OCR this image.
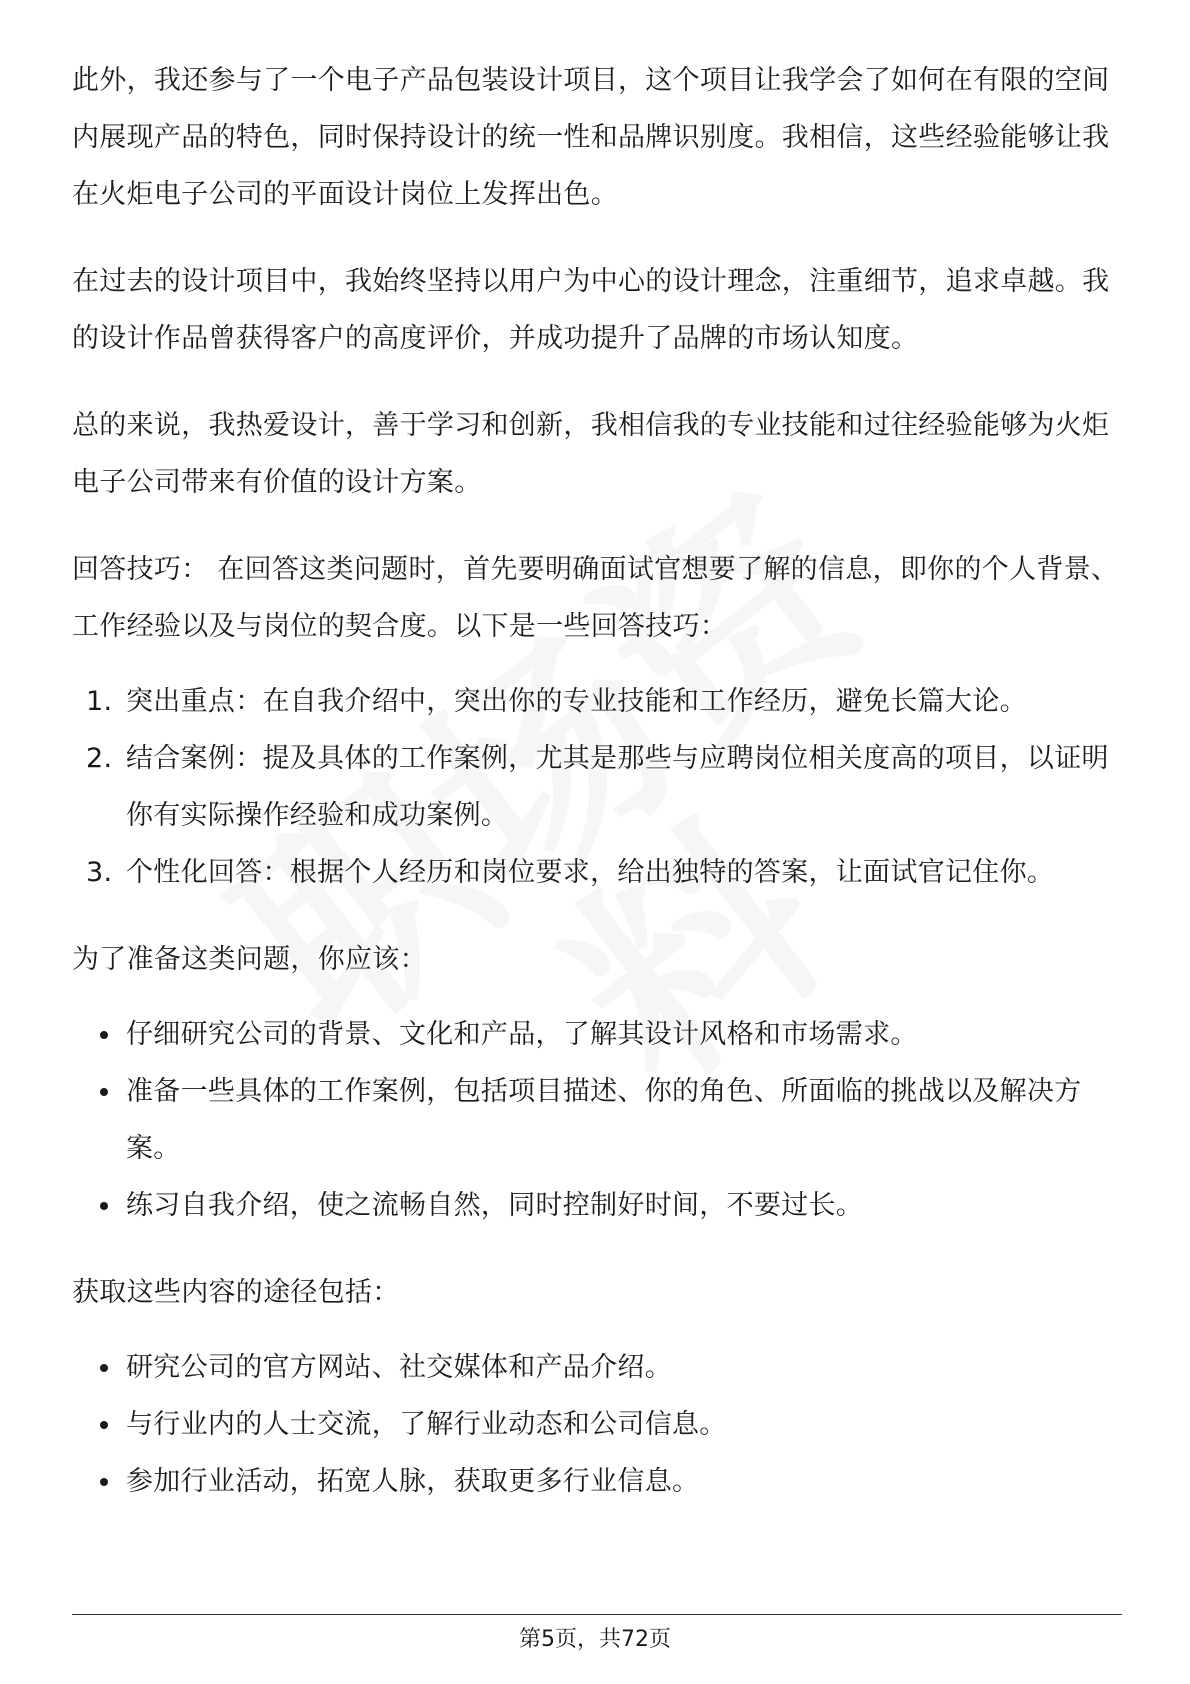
此外，我还参与了一个电子产品包装设计项目，这个项目让我学会了如何在有限的空间内展现产品的特色，同时保持设计的统一性和品牌识别度。我相信，这些经验能够让我在火炬电子公司的平面设计岗位上发挥出色。

在过去的设计项目中，我始终坚持以用户为中心的设计理念，注重细节，追求卓越。我的设计作品曾获得客户的高度评价，并成功提升了品牌的市场认知度。

总的来说，我热爱设计，善于学习和创新，我相信我的专业技能和过往经验能够为火炬电子公司带来有价值的设计方案。

回答技巧： 在回答这类问题时，首先要明确面试官想要了解的信息，即你的个人背景、工作经验以及与岗位的契合度。以下是一些回答技巧：

1. 突出重点：在自我介绍中，突出你的专业技能和工作经历，避免长篇大论。
2. 结合案例：提及具体的工作案例，尤其是那些与应聘岗位相关度高的项目，以证明你有实际操作经验和成功案例。
3. 个性化回答：根据个人经历和岗位要求，给出独特的答案，让面试官记住你。

为了准备这类问题，你应该：

仔细研究公司的背景、文化和产品，了解其设计风格和市场需求。
准备一些具体的工作案例，包括项目描述、你的角色、所面临的挑战以及解决方案。
练习自我介绍，使之流畅自然，同时控制好时间，不要过长。

获取这些内容的途径包括：

研究公司的官方网站、社交媒体和产品介绍。
与行业内的人士交流，了解行业动态和公司信息。
参加行业活动，拓宽人脉，获取更多行业信息。
第5页，共72页
